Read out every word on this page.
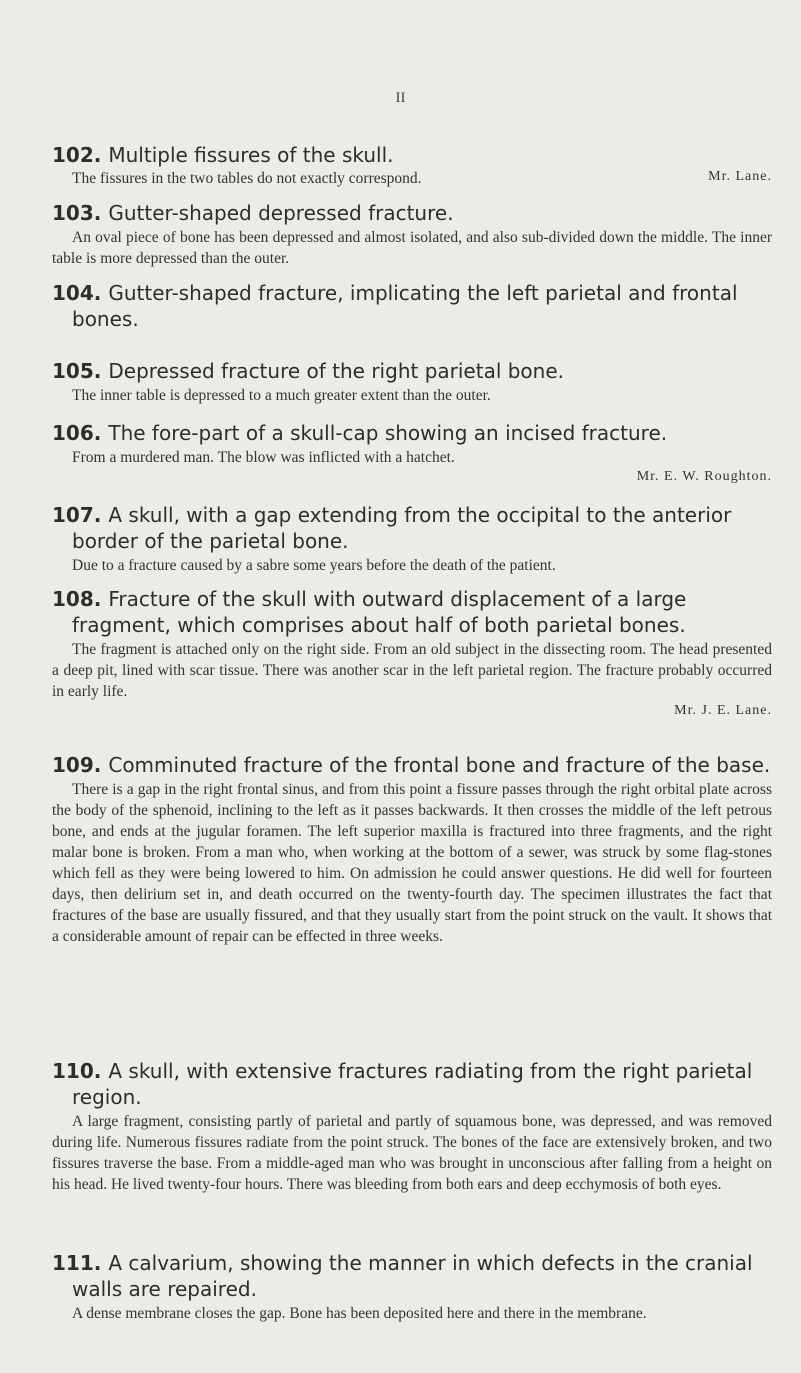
II

102. Multiple fissures of the skull.

The fissures in the two tables do not exactly correspond.	Mr. Lane.

103. Gutter-shaped depressed fracture.

An oval piece of bone has been depressed and almost isolated, and also sub-divided down the middle. The inner table is more depressed than the outer.

104. Gutter-shaped fracture, implicating the left parietal and frontal bones.

105. Depressed fracture of the right parietal bone.

The inner table is depressed to a much greater extent than the outer.

106. The fore-part of a skull-cap showing an incised fracture.

From a murdered man. The blow was inflicted with a hatchet.

Mr. E. W. Roughton.

107. A skull, with a gap extending from the occipital to the anterior border of the parietal bone.

Due to a fracture caused by a sabre some years before the death of the patient.

108. Fracture of the skull with outward displacement of a large fragment, which comprises about half of both parietal bones.

The fragment is attached only on the right side. From an old subject in the dissecting room. The head presented a deep pit, lined with scar tissue. There was another scar in the left parietal region. The fracture probably occurred in early life.

Mr. J. E. Lane.

109. Comminuted fracture of the frontal bone and fracture of the base.

There is a gap in the right frontal sinus, and from this point a fissure passes through the right orbital plate across the body of the sphenoid, inclining to the left as it passes backwards. It then crosses the middle of the left petrous bone, and ends at the jugular foramen. The left superior maxilla is fractured into three fragments, and the right malar bone is broken. From a man who, when working at the bottom of a sewer, was struck by some flag-stones which fell as they were being lowered to him. On admission he could answer questions. He did well for fourteen days, then delirium set in, and death occurred on the twenty-fourth day. The specimen illustrates the fact that fractures of the base are usually fissured, and that they usually start from the point struck on the vault. It shows that a considerable amount of repair can be effected in three weeks.

110. A skull, with extensive fractures radiating from the right parietal region.

A large fragment, consisting partly of parietal and partly of squamous bone, was depressed, and was removed during life. Numerous fissures radiate from the point struck. The bones of the face are extensively broken, and two fissures traverse the base. From a middle-aged man who was brought in unconscious after falling from a height on his head. He lived twenty-four hours. There was bleeding from both ears and deep ecchymosis of both eyes.

111. A calvarium, showing the manner in which defects in the cranial walls are repaired.

A dense membrane closes the gap. Bone has been deposited here and there in the membrane.
